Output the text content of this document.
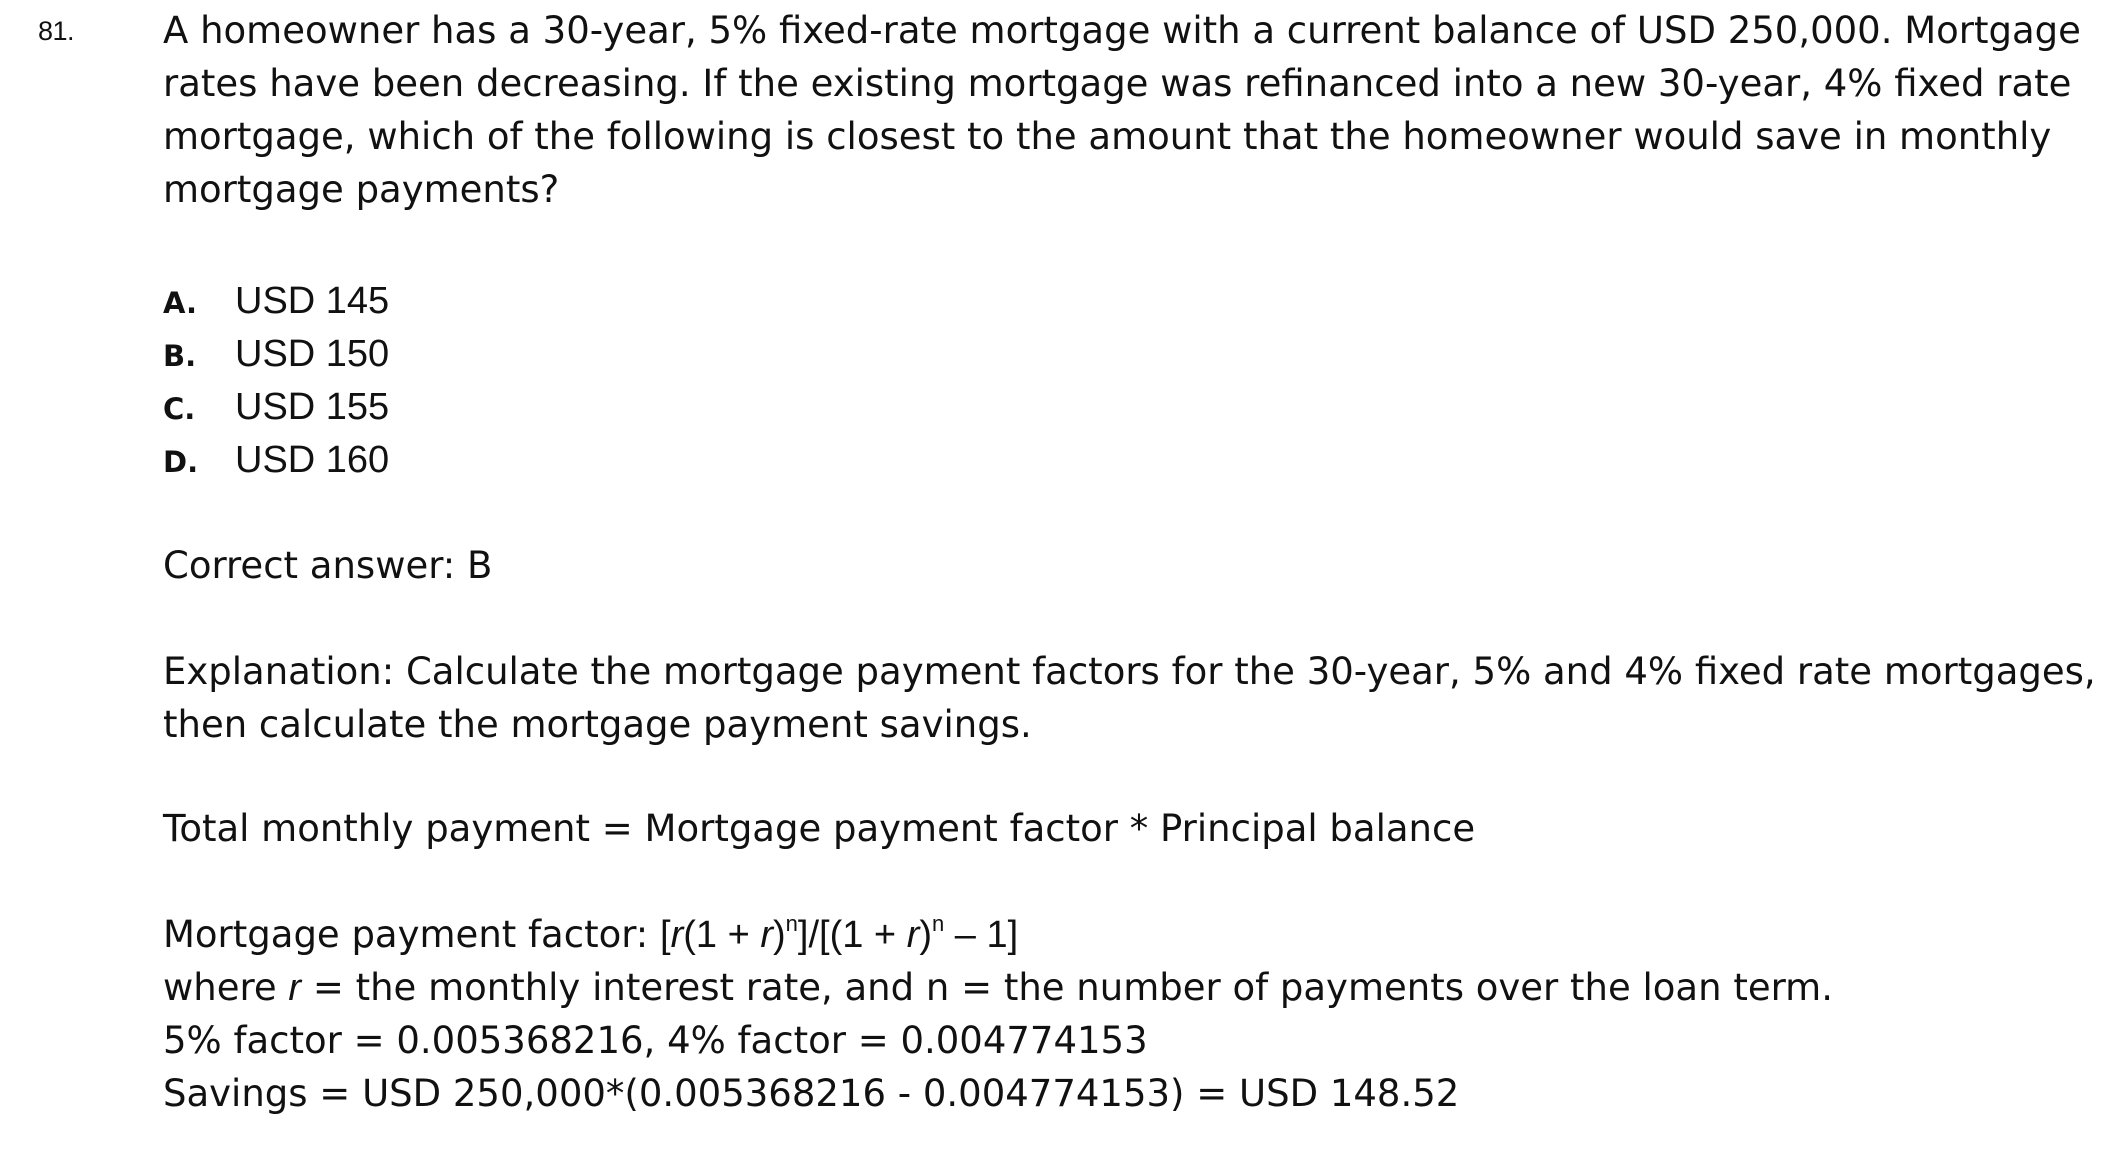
81. A homeowner has a 30-year, 5% fixed-rate mortgage with a current balance of USD 250,000. Mortgage
rates have been decreasing. If the existing mortgage was refinanced into a new 30-year, 4% fixed rate
mortgage, which of the following is closest to the amount that the homeowner would save in monthly
mortgage payments?
A.	USD 145
B.	USD 150
C.	USD 155
D. USD 160
Correct answer: B
Explanation: Calculate the mortgage payment factors for the 30-year, 5% and 4% fixed rate mortgages,
then calculate the mortgage payment savings.
Total monthly payment = Mortgage payment factor * Principal balance
Mortgage payment factor: $[r(1 + r)^n]/[(1 + r)^n - 1]$
where r = the monthly interest rate, and n = the number of payments over the loan term.
5% factor = 0.005368216, 4% factor = 0.004774153
Savings = USD 250,000*(0.005368216 - 0.004774153) = USD 148.52
